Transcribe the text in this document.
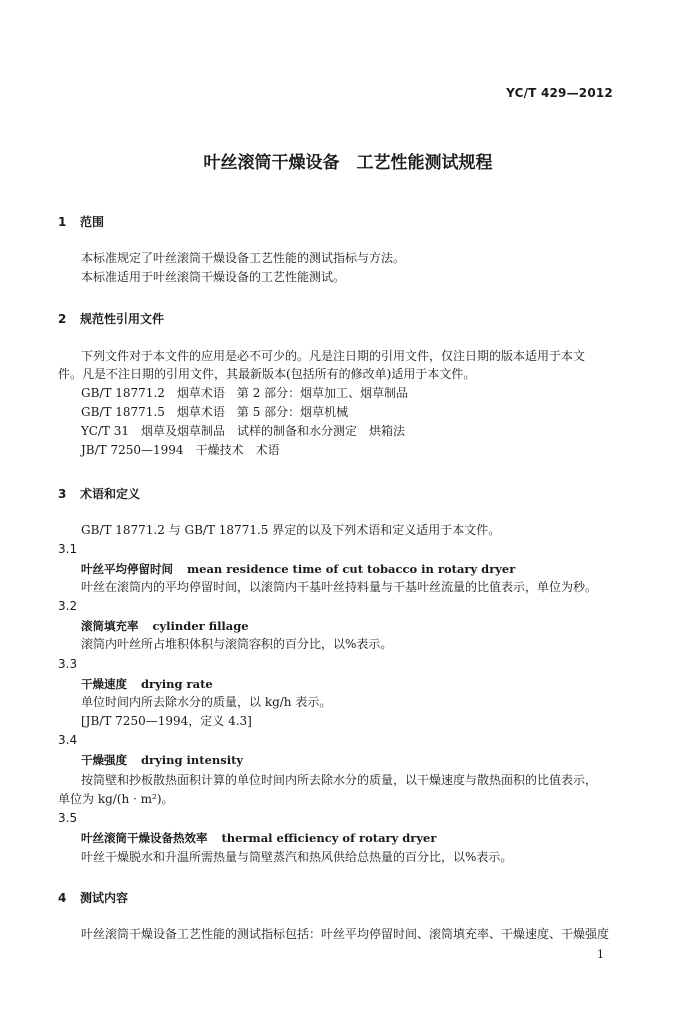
YC/T 429—2012
叶丝滚筒干燥设备　工艺性能测试规程
1 范围
本标准规定了叶丝滚筒干燥设备工艺性能的测试指标与方法。
本标准适用于叶丝滚筒干燥设备的工艺性能测试。
2 规范性引用文件
下列文件对于本文件的应用是必不可少的。凡是注日期的引用文件，仅注日期的版本适用于本文
件。凡是不注日期的引用文件，其最新版本(包括所有的修改单)适用于本文件。
GB/T 18771.2　烟草术语　第 2 部分：烟草加工、烟草制品
GB/T 18771.5　烟草术语　第 5 部分：烟草机械
YC/T 31　烟草及烟草制品　试样的制备和水分测定　烘箱法
JB/T 7250—1994　干燥技术　术语
3 术语和定义
GB/T 18771.2 与 GB/T 18771.5 界定的以及下列术语和定义适用于本文件。
3.1
叶丝平均停留时间 mean residence time of cut tobacco in rotary dryer
叶丝在滚筒内的平均停留时间，以滚筒内干基叶丝持料量与干基叶丝流量的比值表示，单位为秒。
3.2
滚筒填充率 cylinder fillage
滚筒内叶丝所占堆积体积与滚筒容积的百分比，以%表示。
3.3
干燥速度 drying rate
单位时间内所去除水分的质量，以 kg/h 表示。
[JB/T 7250—1994，定义 4.3]
3.4
干燥强度 drying intensity
按筒壁和抄板散热面积计算的单位时间内所去除水分的质量，以干燥速度与散热面积的比值表示，
单位为 kg/(h · m²)。
3.5
叶丝滚筒干燥设备热效率 thermal efficiency of rotary dryer
叶丝干燥脱水和升温所需热量与筒壁蒸汽和热风供给总热量的百分比，以%表示。
4 测试内容
叶丝滚筒干燥设备工艺性能的测试指标包括：叶丝平均停留时间、滚筒填充率、干燥速度、干燥强度
1
